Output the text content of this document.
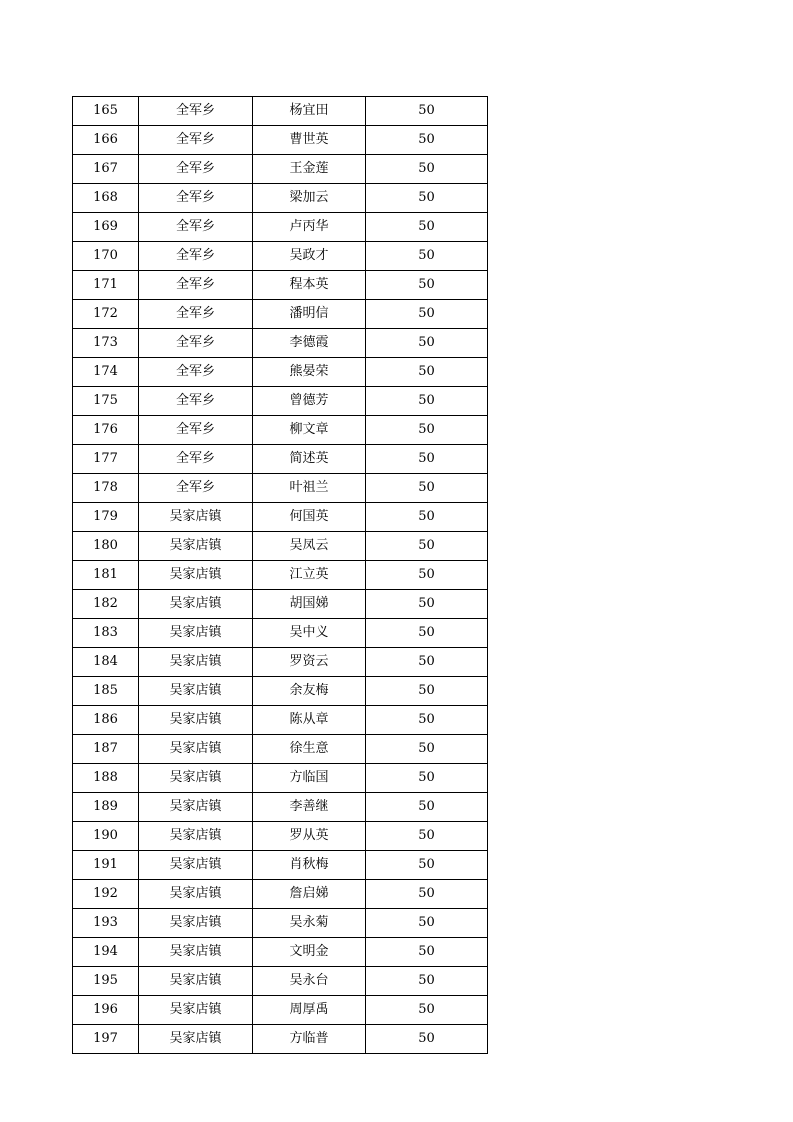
165	全军乡	杨宜田	50
166	全军乡	曹世英	50
167	全军乡	王金莲	50
168	全军乡	梁加云	50
169	全军乡	卢丙华	50
170	全军乡	吴政才	50
171	全军乡	程本英	50
172	全军乡	潘明信	50
173	全军乡	李德霞	50
174	全军乡	熊晏荣	50
175	全军乡	曾德芳	50
176	全军乡	柳文章	50
177	全军乡	简述英	50
178	全军乡	叶祖兰	50
179	吴家店镇	何国英	50
180	吴家店镇	吴凤云	50
181	吴家店镇	江立英	50
182	吴家店镇	胡国娣	50
183	吴家店镇	吴中义	50
184	吴家店镇	罗资云	50
185	吴家店镇	余友梅	50
186	吴家店镇	陈从章	50
187	吴家店镇	徐生意	50
188	吴家店镇	方临国	50
189	吴家店镇	李善继	50
190	吴家店镇	罗从英	50
191	吴家店镇	肖秋梅	50
192	吴家店镇	詹启娣	50
193	吴家店镇	吴永菊	50
194	吴家店镇	文明金	50
195	吴家店镇	吴永台	50
196	吴家店镇	周厚禹	50
197	吴家店镇	方临普	50
